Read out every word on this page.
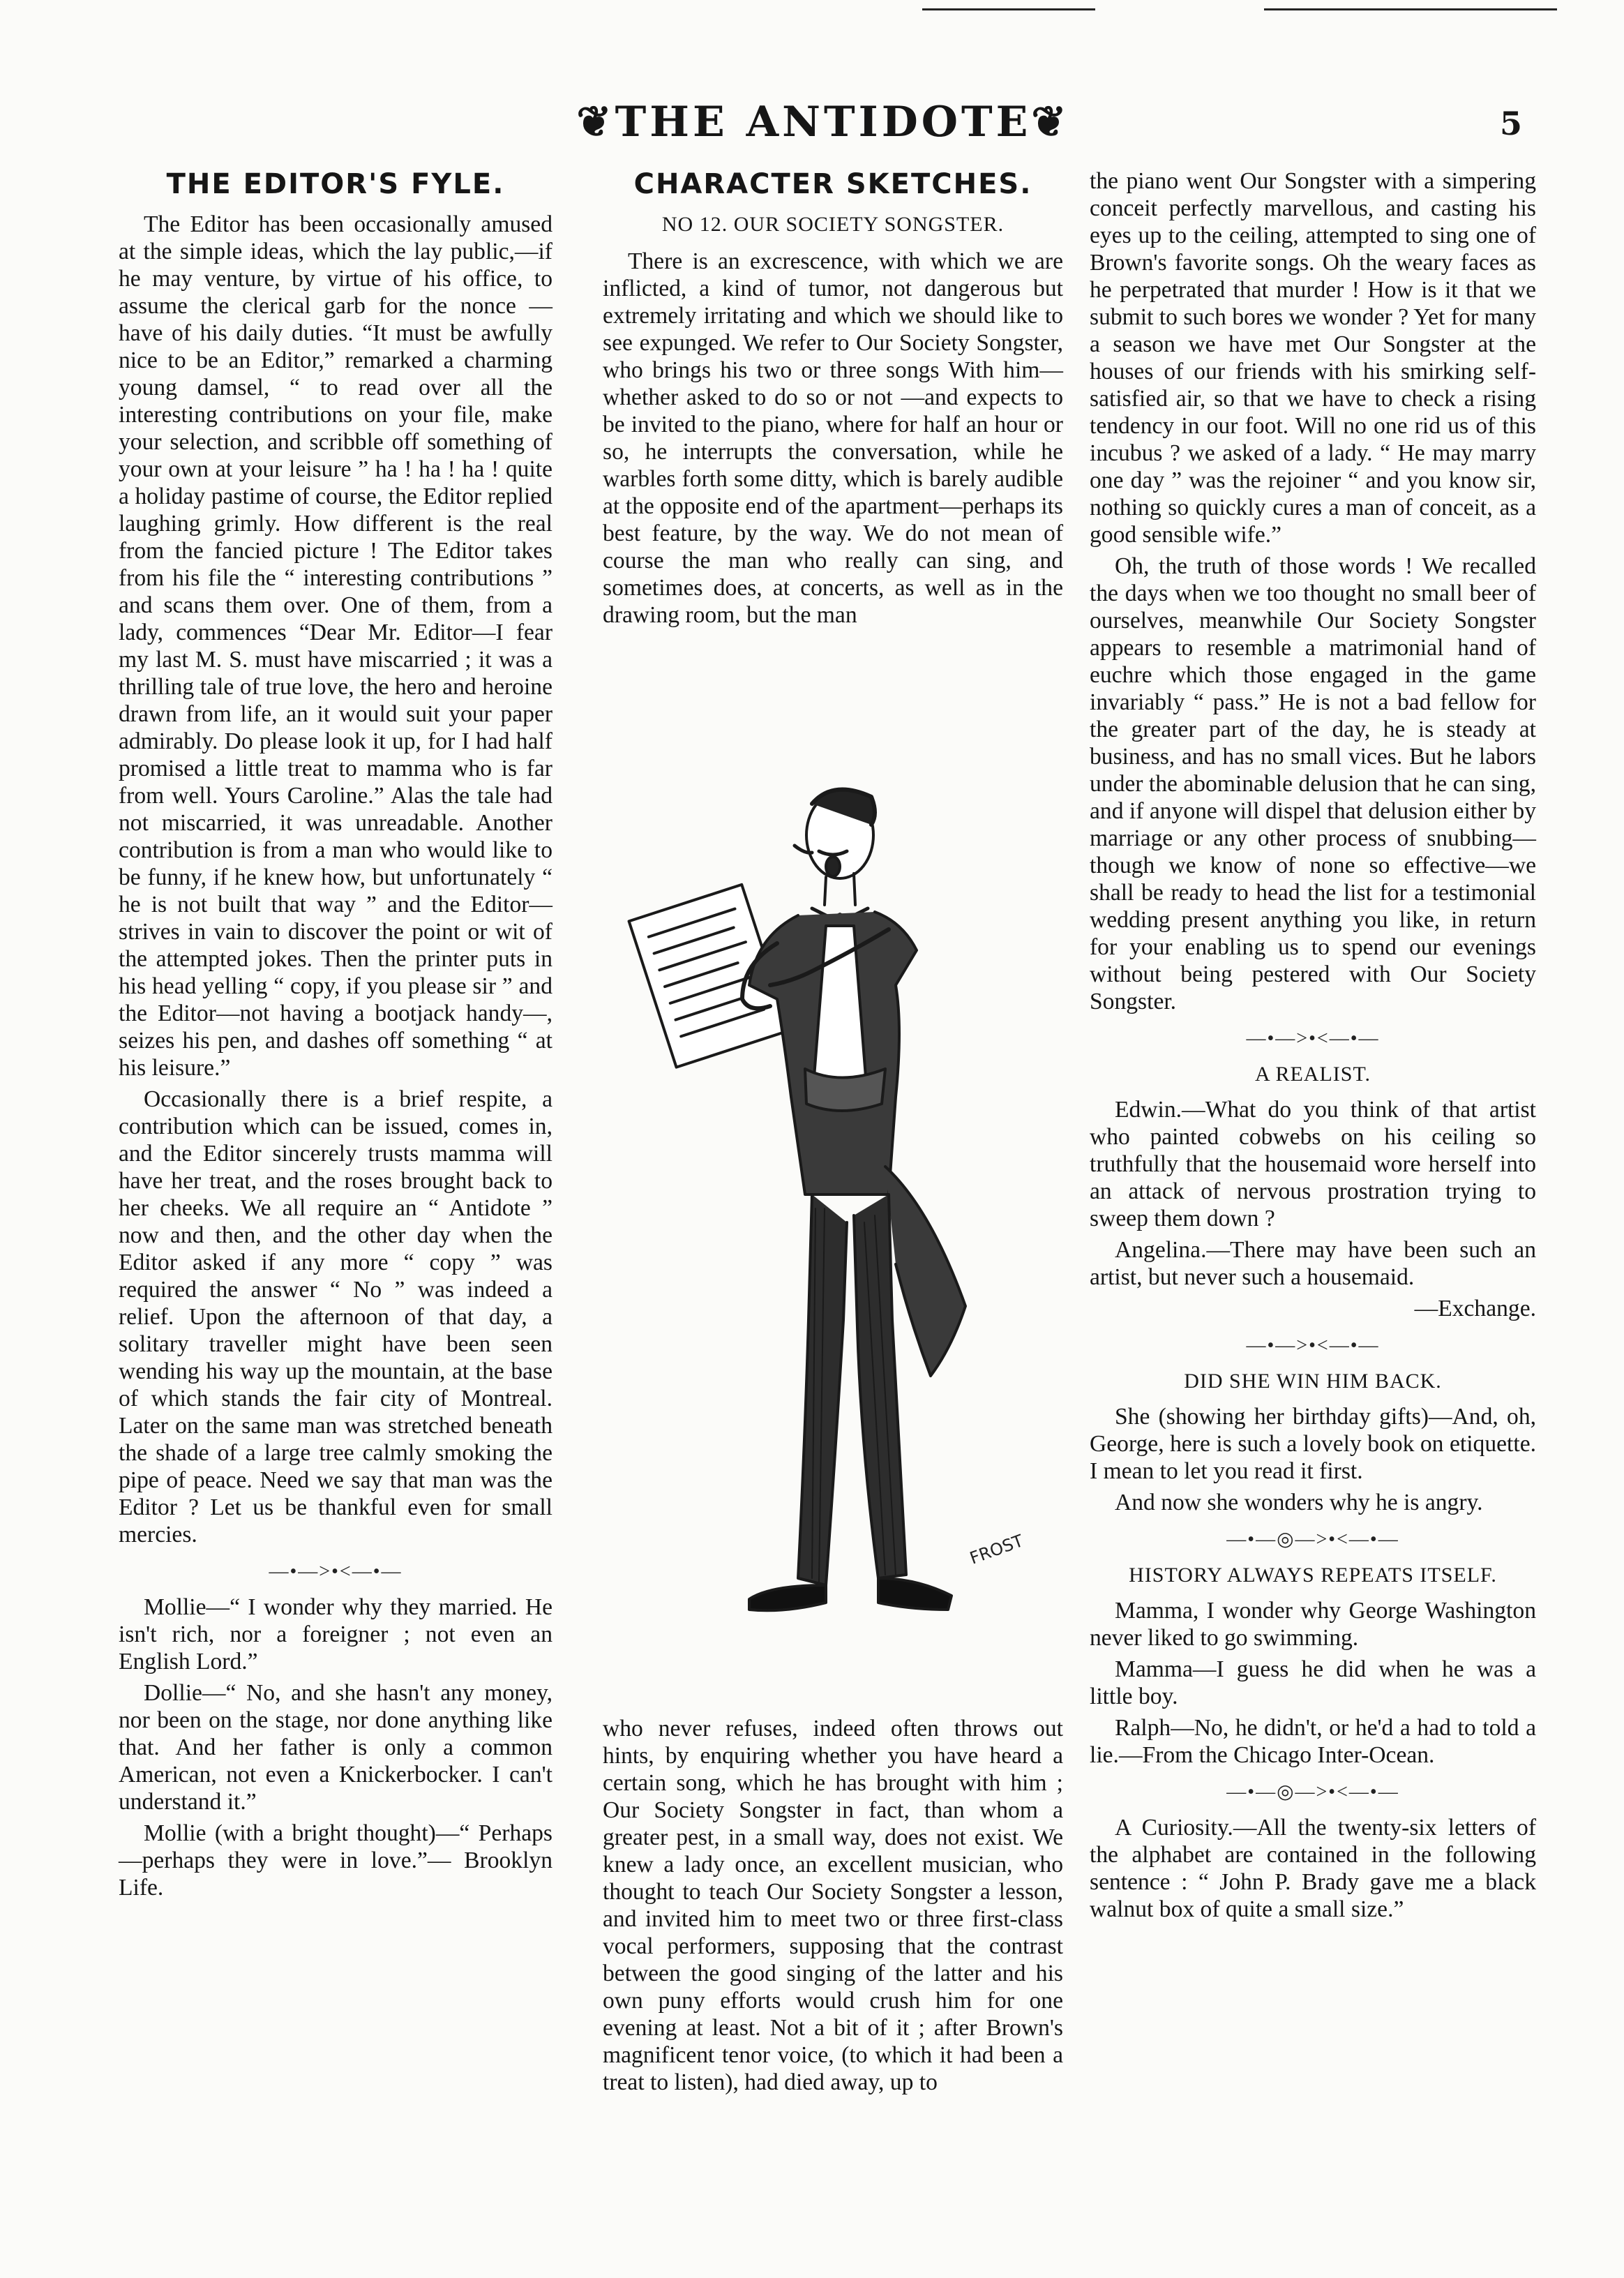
❦THE ANTIDOTE❦	5
THE EDITOR'S FYLE.

The Editor has been occasionally amused at the simple ideas, which the lay public,—if he may venture, by virtue of his office, to assume the clerical garb for the nonce — have of his daily duties. “It must be awfully nice to be an Editor,” remarked a charming young damsel, “ to read over all the interesting contributions on your file, make your selection, and scribble off something of your own at your leisure ” ha ! ha ! ha ! quite a holiday pastime of course, the Editor replied laughing grimly. How different is the real from the fancied picture ! The Editor takes from his file the “ interesting contributions ” and scans them over. One of them, from a lady, commences “Dear Mr. Editor—I fear my last M. S. must have miscarried ; it was a thrilling tale of true love, the hero and heroine drawn from life, an it would suit your paper admirably. Do please look it up, for I had half promised a little treat to mamma who is far from well. Yours Caroline.” Alas the tale had not miscarried, it was unreadable. Another contribution is from a man who would like to be funny, if he knew how, but unfortunately “ he is not built that way ” and the Editor—strives in vain to discover the point or wit of the attempted jokes. Then the printer puts in his head yelling “ copy, if you please sir ” and the Editor—not having a bootjack handy—, seizes his pen, and dashes off something “ at his leisure.”

Occasionally there is a brief respite, a contribution which can be issued, comes in, and the Editor sincerely trusts mamma will have her treat, and the roses brought back to her cheeks. We all require an “ Antidote ” now and then, and the other day when the Editor asked if any more “ copy ” was required the answer “ No ” was indeed a relief. Upon the afternoon of that day, a solitary traveller might have been seen wending his way up the mountain, at the base of which stands the fair city of Montreal. Later on the same man was stretched beneath the shade of a large tree calmly smoking the pipe of peace. Need we say that man was the Editor ? Let us be thankful even for small mercies.

—•—>•<—•—

Mollie—“ I wonder why they married. He isn't rich, nor a foreigner ; not even an English Lord.”

Dollie—“ No, and she hasn't any money, nor been on the stage, nor done anything like that. And her father is only a common American, not even a Knickerbocker. I can't understand it.”

Mollie (with a bright thought)—“ Perhaps—perhaps they were in love.”— Brooklyn Life.

CHARACTER SKETCHES.
NO 12. OUR SOCIETY SONGSTER.

There is an excrescence, with which we are inflicted, a kind of tumor, not dangerous but extremely irritating and which we should like to see expunged. We refer to Our Society Songster, who brings his two or three songs With him—whether asked to do so or not —and expects to be invited to the piano, where for half an hour or so, he interrupts the conversation, while he warbles forth some ditty, which is barely audible at the opposite end of the apartment—perhaps its best feature, by the way. We do not mean of course the man who really can sing, and sometimes does, at concerts, as well as in the drawing room, but the man

FROST

who never refuses, indeed often throws out hints, by enquiring whether you have heard a certain song, which he has brought with him ; Our Society Songster in fact, than whom a greater pest, in a small way, does not exist. We knew a lady once, an excellent musician, who thought to teach Our Society Songster a lesson, and invited him to meet two or three first-class vocal performers, supposing that the contrast between the good singing of the latter and his own puny efforts would crush him for one evening at least. Not a bit of it ; after Brown's magnificent tenor voice, (to which it had been a treat to listen), had died away, up to

the piano went Our Songster with a simpering conceit perfectly marvellous, and casting his eyes up to the ceiling, attempted to sing one of Brown's favorite songs. Oh the weary faces as he perpetrated that murder ! How is it that we submit to such bores we wonder ? Yet for many a season we have met Our Songster at the houses of our friends with his smirking self-satisfied air, so that we have to check a rising tendency in our foot. Will no one rid us of this incubus ? we asked of a lady. “ He may marry one day ” was the rejoiner “ and you know sir, nothing so quickly cures a man of conceit, as a good sensible wife.”

Oh, the truth of those words ! We recalled the days when we too thought no small beer of ourselves, meanwhile Our Society Songster appears to resemble a matrimonial hand of euchre which those engaged in the game invariably “ pass.” He is not a bad fellow for the greater part of the day, he is steady at business, and has no small vices. But he labors under the abominable delusion that he can sing, and if anyone will dispel that delusion either by marriage or any other process of snubbing—though we know of none so effective—we shall be ready to head the list for a testimonial wedding present anything you like, in return for your enabling us to spend our evenings without being pestered with Our Society Songster.

—•—>•<—•—
A REALIST.

Edwin.—What do you think of that artist who painted cobwebs on his ceiling so truthfully that the housemaid wore herself into an attack of nervous prostration trying to sweep them down ?

Angelina.—There may have been such an artist, but never such a housemaid.

—Exchange.
—•—>•<—•—
DID SHE WIN HIM BACK.

She (showing her birthday gifts)—And, oh, George, here is such a lovely book on etiquette. I mean to let you read it first.

And now she wonders why he is angry.

—•—◎—>•<—•—
HISTORY ALWAYS REPEATS ITSELF.

Mamma, I wonder why George Washington never liked to go swimming.

Mamma—I guess he did when he was a little boy.

Ralph—No, he didn't, or he'd a had to told a lie.—From the Chicago Inter-Ocean.

—•—◎—>•<—•—

A Curiosity.—All the twenty-six letters of the alphabet are contained in the following sentence : “ John P. Brady gave me a black walnut box of quite a small size.”
